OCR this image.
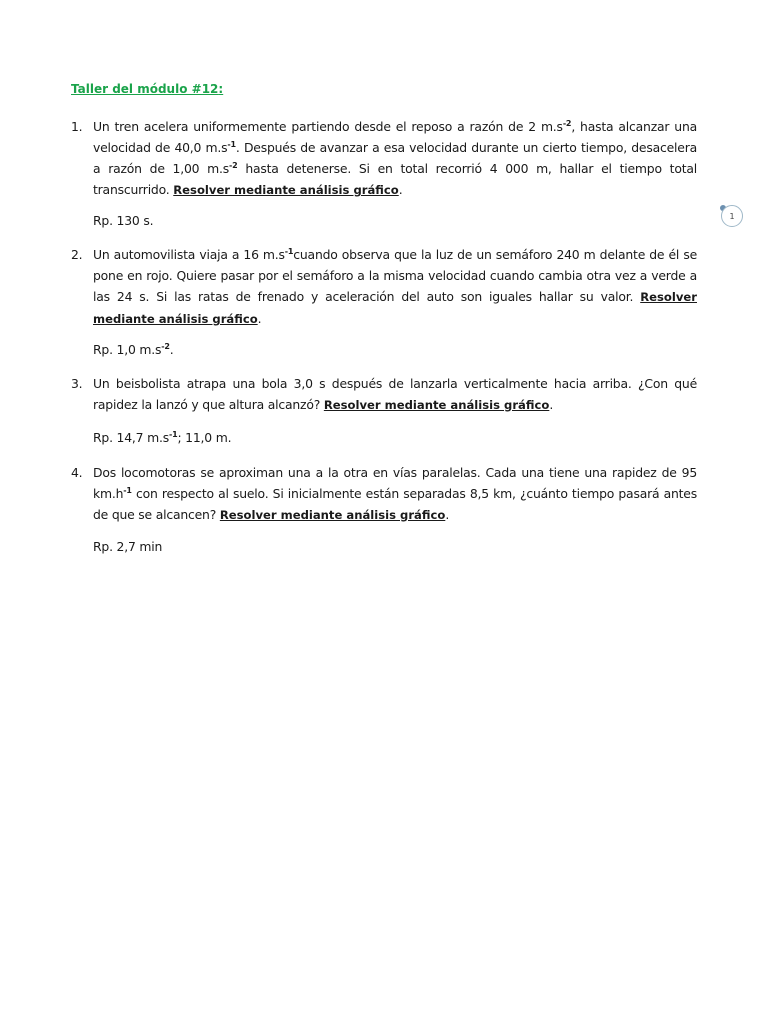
Taller del módulo #12:
1
1. Un tren acelera uniformemente partiendo desde el reposo a razón de 2 $m.s^{-2}$, hasta alcanzar una velocidad de 40,0 $m.s^{-1}$. Después de avanzar a esa velocidad durante un cierto tiempo, desacelera a razón de 1,00 $m.s^{-2}$ hasta detenerse. Si en total recorrió 4 000 m, hallar el tiempo total transcurrido. Resolver mediante análisis gráfico.
Rp. 130 s.
2. Un automovilista viaja a 16 $m.s^{-1}cuando$ observa que la luz de un semáforo 240 m delante de él se pone en rojo. Quiere pasar por el semáforo a la misma velocidad cuando cambia otra vez a verde a las 24 s. Si las ratas de frenado y aceleración del auto son iguales hallar su valor. Resolver mediante análisis gráfico.
Rp. 1,0 $m.s^{-2}$.
3. Un beisbolista atrapa una bola 3,0 s después de lanzarla verticalmente hacia arriba. ¿Con qué rapidez la lanzó y que altura alcanzó? Resolver mediante análisis gráfico.
Rp. 14,7 $m.s^{-1}$; 11,0 m.
4. Dos locomotoras se aproximan una a la otra en vías paralelas. Cada una tiene una rapidez de 95 $km.h^{-1}$ con respecto al suelo. Si inicialmente están separadas 8,5 km, ¿cuánto tiempo pasará antes de que se alcancen? Resolver mediante análisis gráfico.
Rp. 2,7 min
